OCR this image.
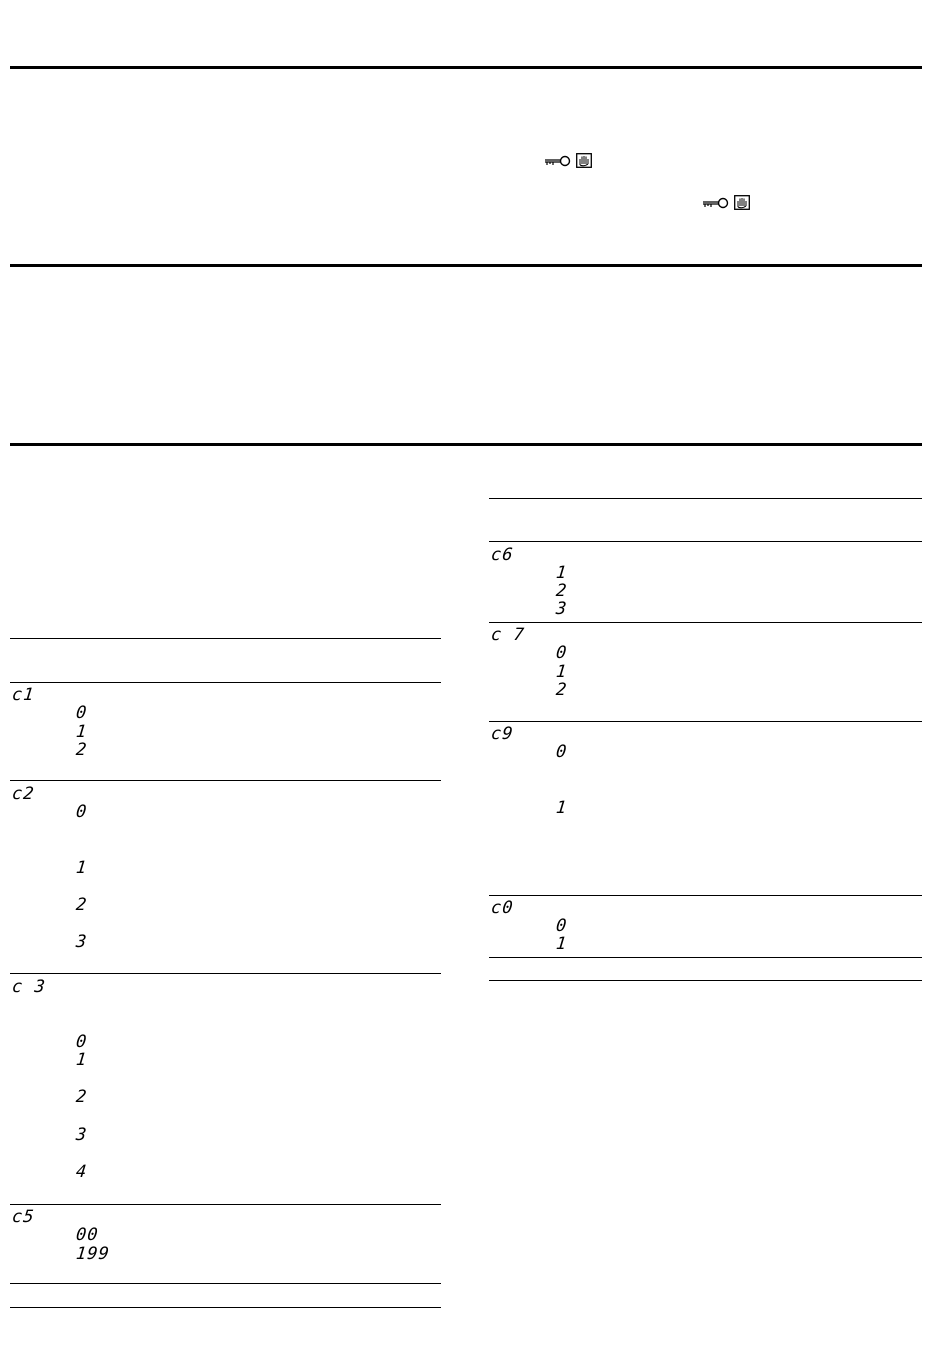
c1
0
1
2
c2
0
1
2
3
c 3
0
1
2
3
4
c5
00
199
c6
1
2
3
c 7
0
1
2
c9
0
1
c0
0
1
